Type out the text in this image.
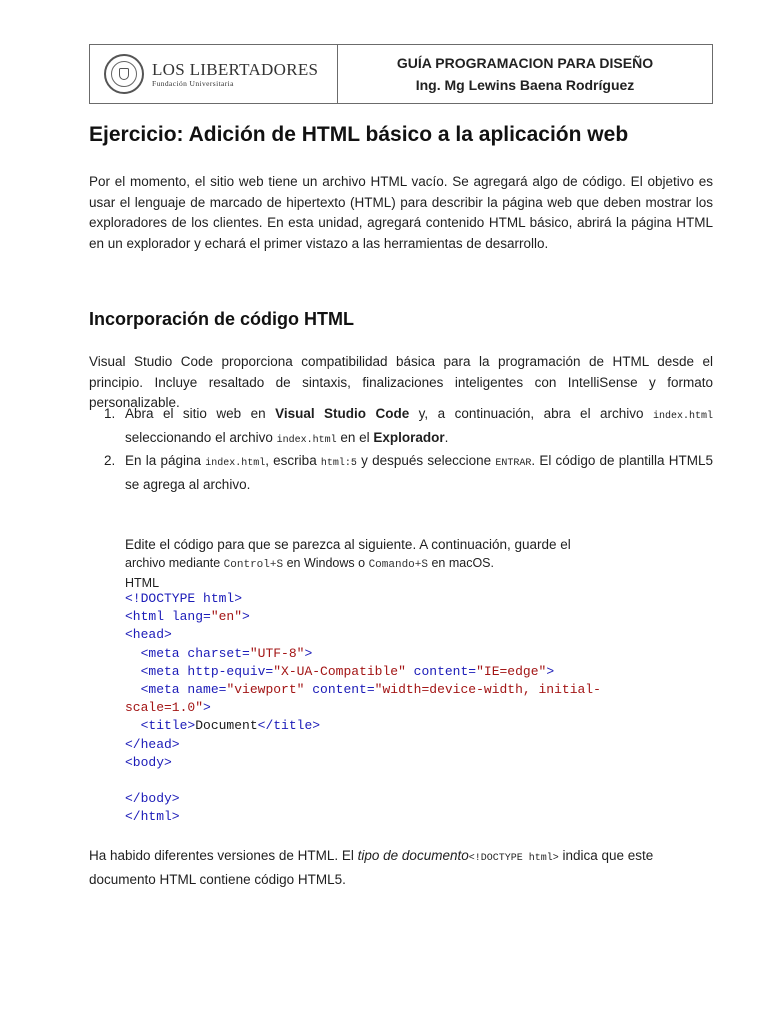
LOS LIBERTADORES
Fundación Universitaria
GUÍA PROGRAMACION PARA DISEÑO
Ing. Mg Lewins Baena Rodríguez
Ejercicio: Adición de HTML básico a la aplicación web

Por el momento, el sitio web tiene un archivo HTML vacío. Se agregará algo de código. El objetivo es usar el lenguaje de marcado de hipertexto (HTML) para describir la página web que deben mostrar los exploradores de los clientes. En esta unidad, agregará contenido HTML básico, abrirá la página HTML en un explorador y echará el primer vistazo a las herramientas de desarrollo.

Incorporación de código HTML

Visual Studio Code proporciona compatibilidad básica para la programación de HTML desde el principio. Incluye resaltado de sintaxis, finalizaciones inteligentes con IntelliSense y formato personalizable.

1. Abra el sitio web en Visual Studio Code y, a continuación, abra el archivo index.html seleccionando el archivo index.html en el Explorador.
2. En la página index.html, escriba html:5 y después seleccione ENTRAR. El código de plantilla HTML5 se agrega al archivo.
Edite el código para que se parezca al siguiente. A continuación, guarde el
archivo mediante Control+S en Windows o Comando+S en macOS.
HTML
<!DOCTYPE html>
<html lang="en">
<head>
<meta charset="UTF-8">
<meta http-equiv="X-UA-Compatible" content="IE=edge">
<meta name="viewport" content="width=device-width, initial-
scale=1.0">
<title>Document</title>
</head>
<body>

</body>
</html>

Ha habido diferentes versiones de HTML. El tipo de documento<!DOCTYPE html> indica que este documento HTML contiene código HTML5.
